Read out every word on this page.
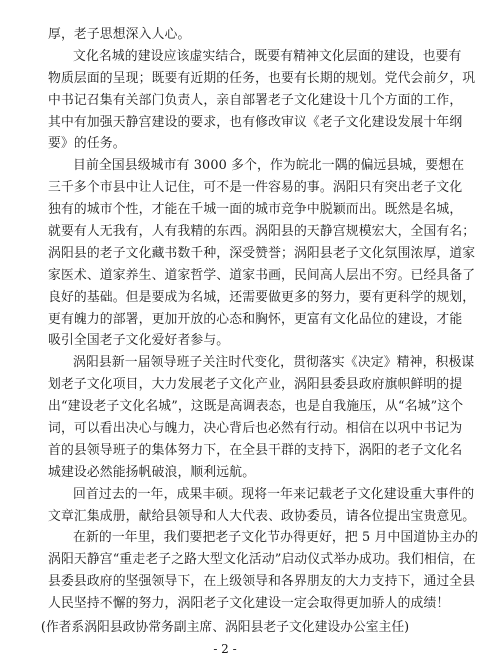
厚，老子思想深入人心。
文化名城的建设应该虚实结合，既要有精神文化层面的建设，也要有
物质层面的呈现；既要有近期的任务，也要有长期的规划。党代会前夕，巩
中书记召集有关部门负责人，亲自部署老子文化建设十几个方面的工作，
其中有加强天静宫建设的要求，也有修改审议《老子文化建设发展十年纲
要》的任务。
目前全国县级城市有 3000 多个，作为皖北一隅的偏远县城，要想在
三千多个市县中让人记住，可不是一件容易的事。涡阳只有突出老子文化
独有的城市个性，才能在千城一面的城市竞争中脱颖而出。既然是名城，
就要有人无我有，人有我精的东西。涡阳县的天静宫规模宏大，全国有名；
涡阳县的老子文化藏书数千种，深受赞誉；涡阳县老子文化氛围浓厚，道家
家医术、道家养生、道家哲学、道家书画，民间高人层出不穷。已经具备了
良好的基础。但是要成为名城，还需要做更多的努力，要有更科学的规划，
更有魄力的部署，更加开放的心态和胸怀，更富有文化品位的建设，才能
吸引全国老子文化爱好者参与。
涡阳县新一届领导班子关注时代变化，贯彻落实《决定》精神，积极谋
划老子文化项目，大力发展老子文化产业，涡阳县委县政府旗帜鲜明的提
出“建设老子文化名城”，这既是高调表态，也是自我施压，从“名城”这个
词，可以看出决心与魄力，决心背后也必然有行动。相信在以巩中书记为
首的县领导班子的集体努力下，在全县干群的支持下，涡阳的老子文化名
城建设必然能扬帆破浪，顺利远航。
回首过去的一年，成果丰硕。现将一年来记载老子文化建设重大事件的
文章汇集成册，献给县领导和人大代表、政协委员，请各位提出宝贵意见。
在新的一年里，我们要把老子文化节办得更好，把 5 月中国道协主办的
涡阳天静宫“重走老子之路大型文化活动”启动仪式举办成功。我们相信，在
县委县政府的坚强领导下，在上级领导和各界朋友的大力支持下，通过全县
人民坚持不懈的努力，涡阳老子文化建设一定会取得更加骄人的成绩！
(作者系涡阳县政协常务副主席、涡阳县老子文化建设办公室主任)
- 2 -
